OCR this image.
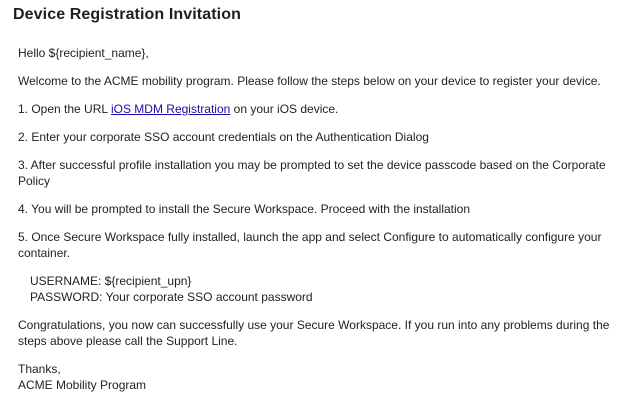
Device Registration Invitation

Hello ${recipient_name},

Welcome to the ACME mobility program. Please follow the steps below on your device to register your device.

1. Open the URL iOS MDM Registration on your iOS device.

2. Enter your corporate SSO account credentials on the Authentication Dialog

3. After successful profile installation you may be prompted to set the device passcode based on the Corporate Policy

4. You will be prompted to install the Secure Workspace. Proceed with the installation

5. Once Secure Workspace fully installed, launch the app and select Configure to automatically configure your container.

USERNAME: ${recipient_upn}
PASSWORD: Your corporate SSO account password

Congratulations, you now can successfully use your Secure Workspace. If you run into any problems during the steps above please call the Support Line.

Thanks,
ACME Mobility Program
